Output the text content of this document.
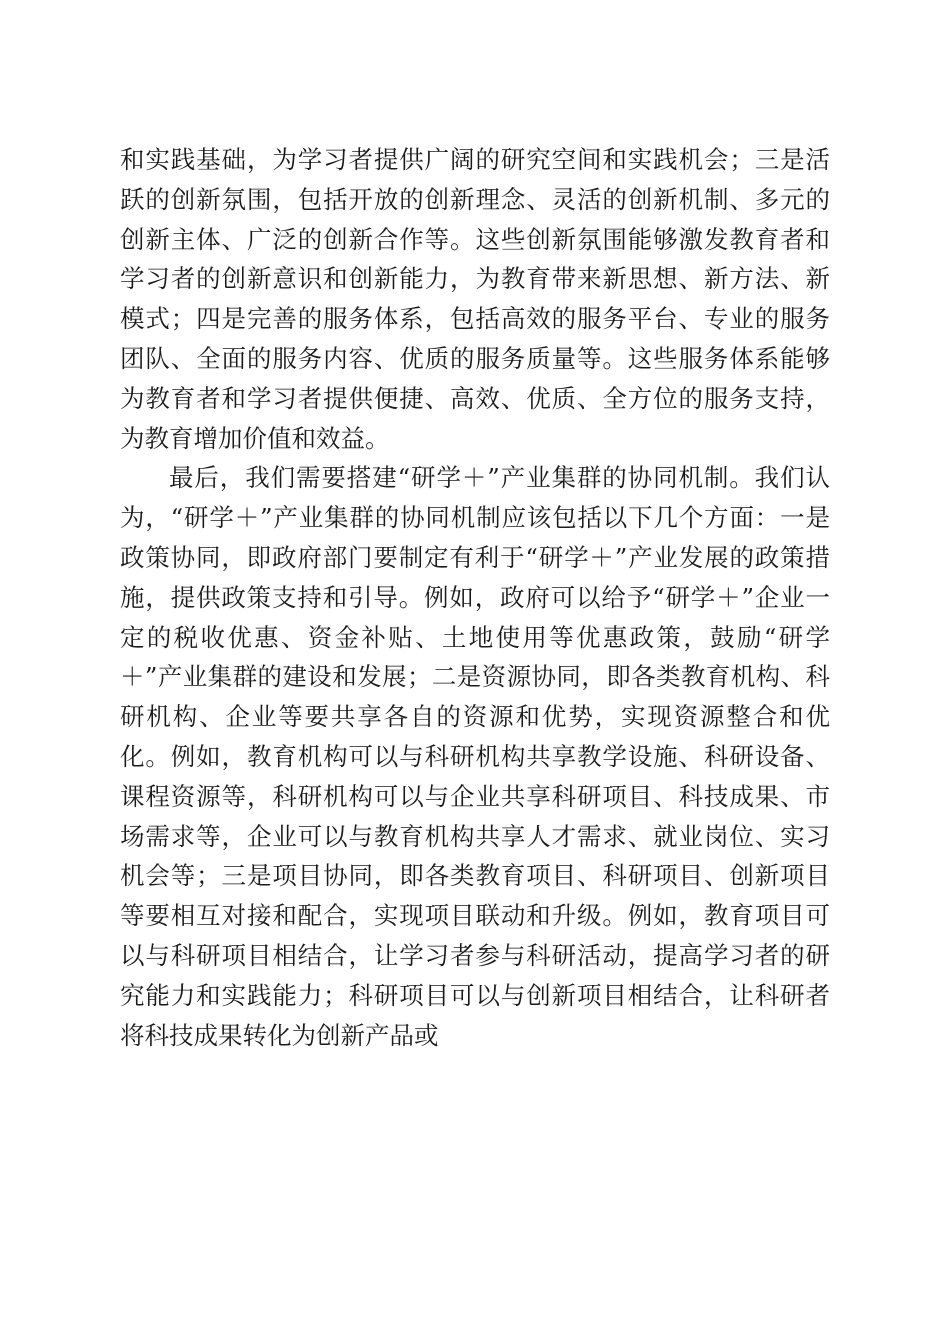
和实践基础，为学习者提供广阔的研究空间和实践机会；三是活跃的创新氛围，包括开放的创新理念、灵活的创新机制、多元的创新主体、广泛的创新合作等。这些创新氛围能够激发教育者和学习者的创新意识和创新能力，为教育带来新思想、新方法、新模式；四是完善的服务体系，包括高效的服务平台、专业的服务团队、全面的服务内容、优质的服务质量等。这些服务体系能够为教育者和学习者提供便捷、高效、优质、全方位的服务支持，为教育增加价值和效益。

最后，我们需要搭建“研学＋”产业集群的协同机制。我们认为，“研学＋”产业集群的协同机制应该包括以下几个方面：一是政策协同，即政府部门要制定有利于“研学＋”产业发展的政策措施，提供政策支持和引导。例如，政府可以给予“研学＋”企业一定的税收优惠、资金补贴、土地使用等优惠政策，鼓励“研学＋”产业集群的建设和发展；二是资源协同，即各类教育机构、科研机构、企业等要共享各自的资源和优势，实现资源整合和优化。例如，教育机构可以与科研机构共享教学设施、科研设备、课程资源等，科研机构可以与企业共享科研项目、科技成果、市场需求等，企业可以与教育机构共享人才需求、就业岗位、实习机会等；三是项目协同，即各类教育项目、科研项目、创新项目等要相互对接和配合，实现项目联动和升级。例如，教育项目可以与科研项目相结合，让学习者参与科研活动，提高学习者的研究能力和实践能力；科研项目可以与创新项目相结合，让科研者将科技成果转化为创新产品或
